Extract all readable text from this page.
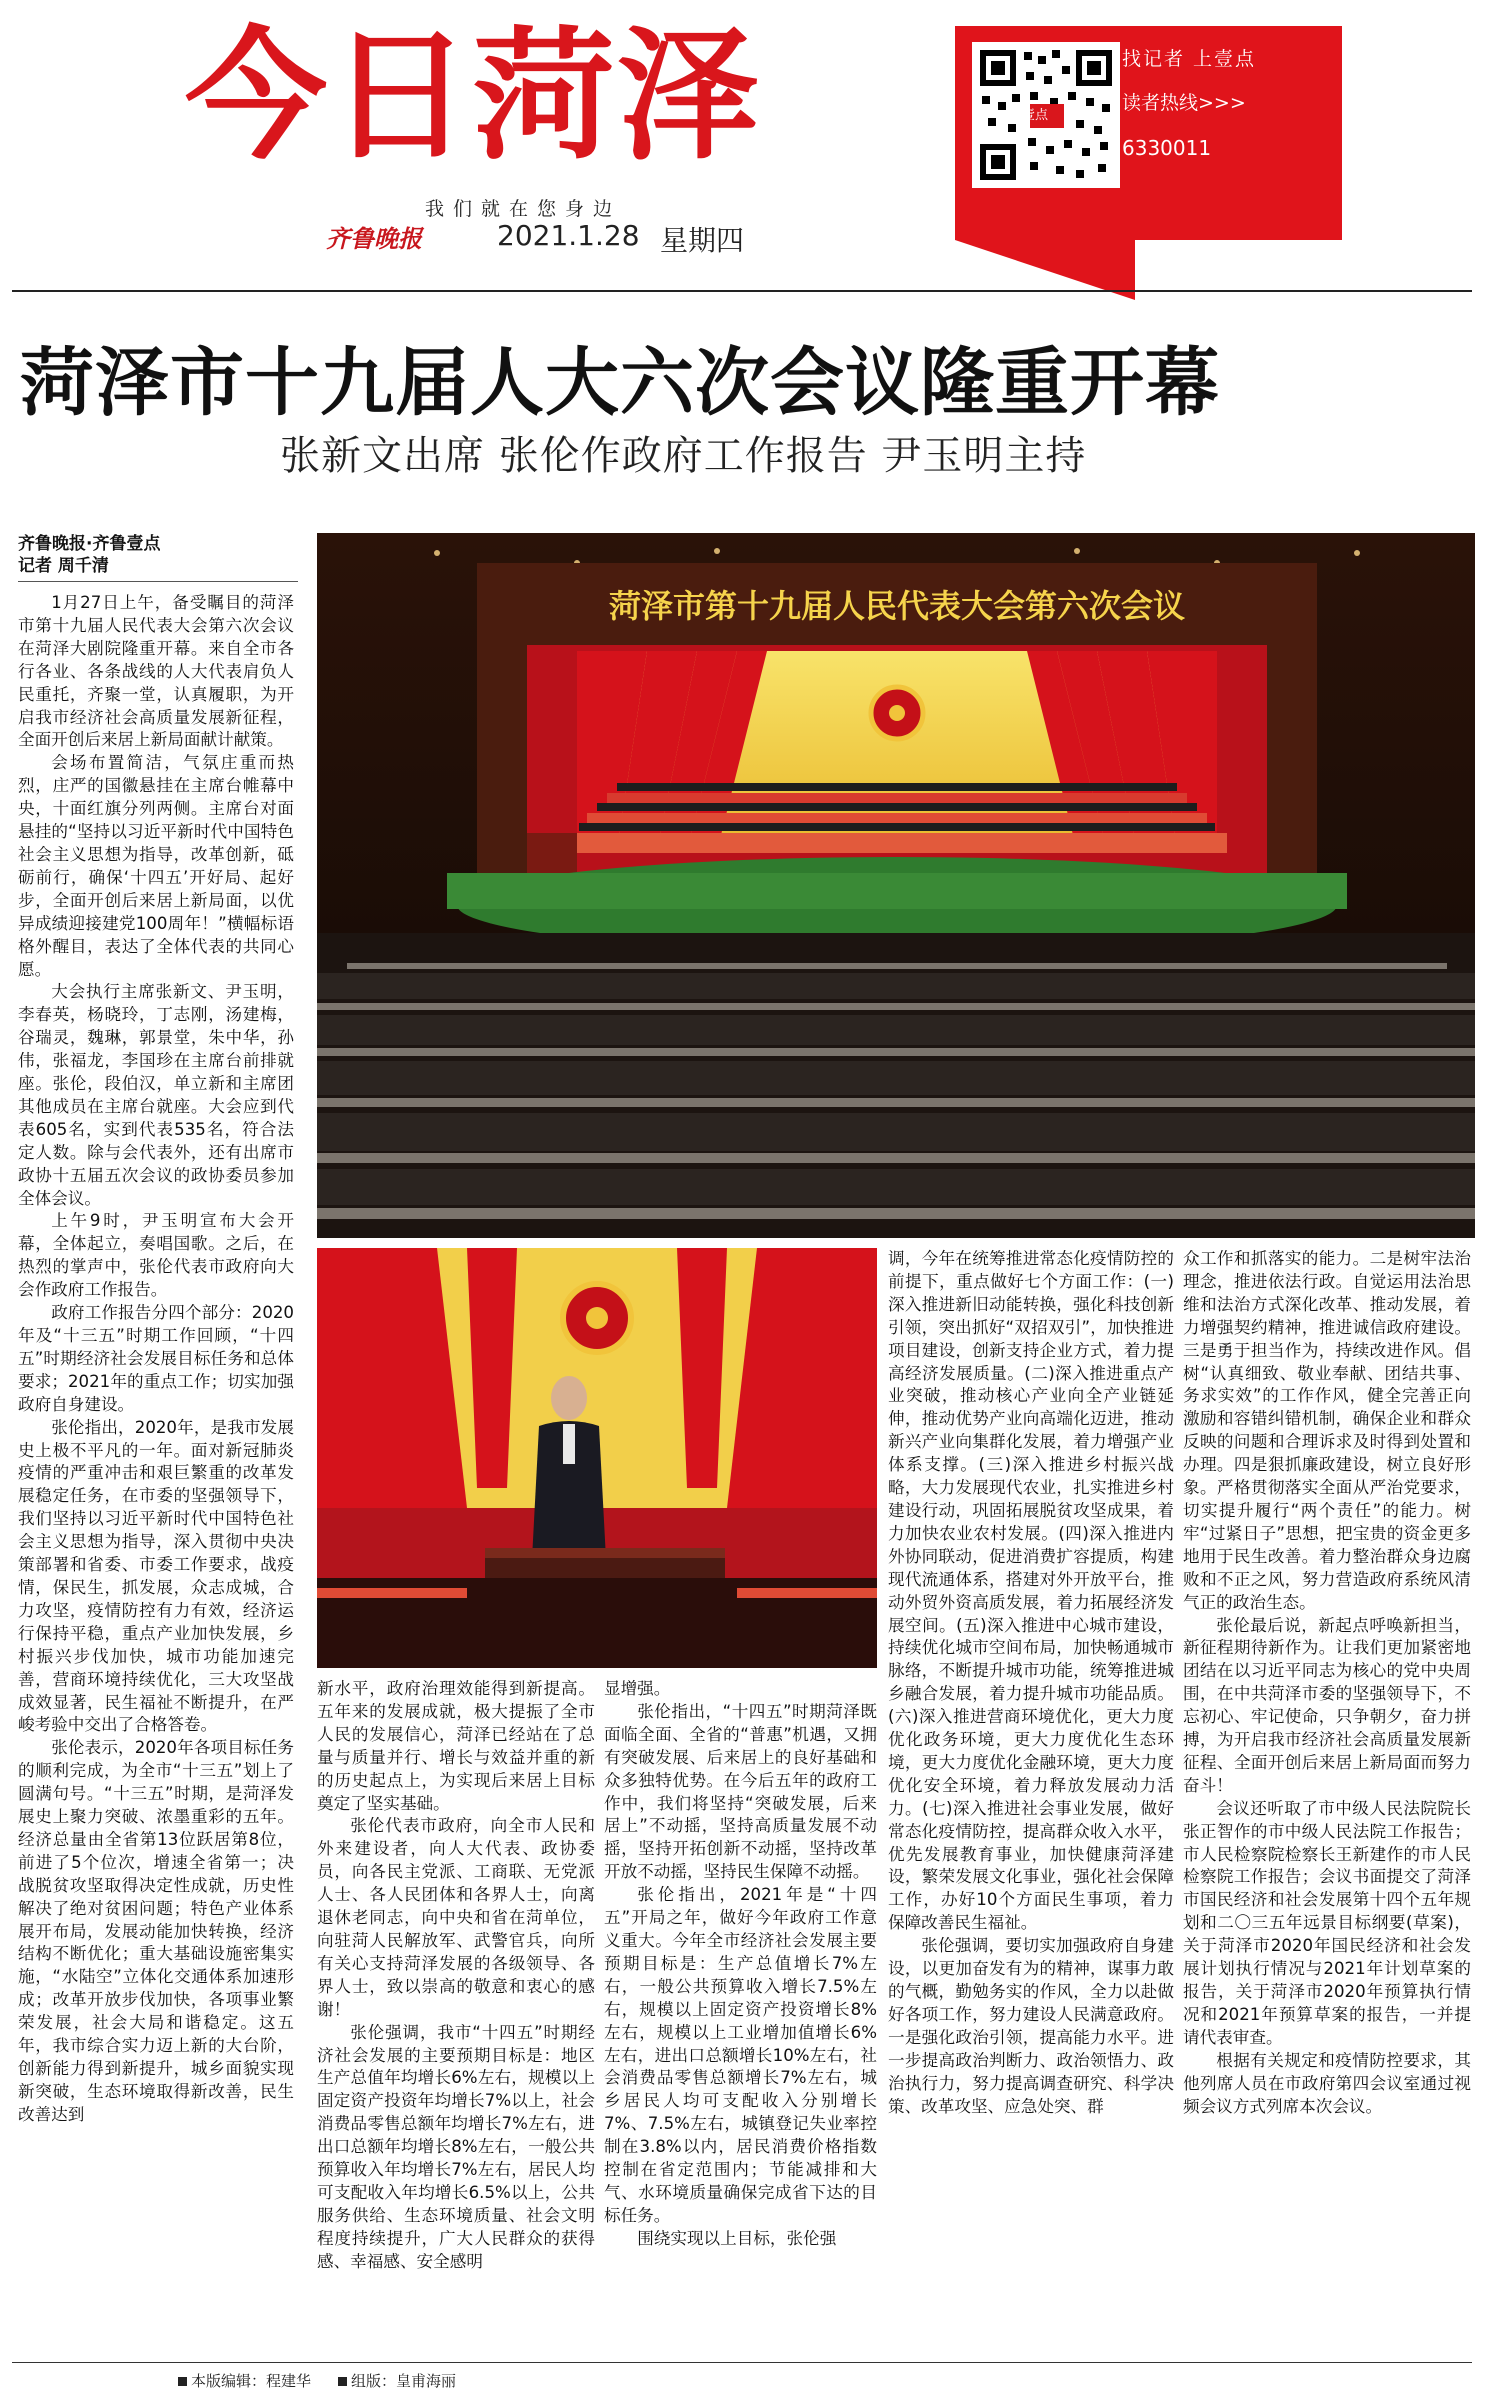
今日菏泽
我们就在您身边
齐鲁晚报	2021.1.28 星期四
壹点
找记者 上壹点
读者热线>>>
6330011
菏泽市十九届人大六次会议隆重开幕
张新文出席 张伦作政府工作报告 尹玉明主持
齐鲁晚报·齐鲁壹点
记者 周千清
菏泽市第十九届人民代表大会第六次会议

1月27日上午，备受瞩目的菏泽市第十九届人民代表大会第六次会议在菏泽大剧院隆重开幕。来自全市各行各业、各条战线的人大代表肩负人民重托，齐聚一堂，认真履职，为开启我市经济社会高质量发展新征程，全面开创后来居上新局面献计献策。

会场布置简洁，气氛庄重而热烈，庄严的国徽悬挂在主席台帷幕中央，十面红旗分列两侧。主席台对面悬挂的“坚持以习近平新时代中国特色社会主义思想为指导，改革创新，砥砺前行，确保‘十四五’开好局、起好步，全面开创后来居上新局面，以优异成绩迎接建党100周年！”横幅标语格外醒目，表达了全体代表的共同心愿。

大会执行主席张新文、尹玉明，李春英，杨晓玲，丁志刚，汤建梅，谷瑞灵，魏琳，郭景堂，朱中华，孙伟，张福龙，李国珍在主席台前排就座。张伦，段伯汉，单立新和主席团其他成员在主席台就座。大会应到代表605名，实到代表535名，符合法定人数。除与会代表外，还有出席市政协十五届五次会议的政协委员参加全体会议。

上午9时，尹玉明宣布大会开幕，全体起立，奏唱国歌。之后，在热烈的掌声中，张伦代表市政府向大会作政府工作报告。

政府工作报告分四个部分：2020年及“十三五”时期工作回顾，“十四五”时期经济社会发展目标任务和总体要求；2021年的重点工作；切实加强政府自身建设。

张伦指出，2020年，是我市发展史上极不平凡的一年。面对新冠肺炎疫情的严重冲击和艰巨繁重的改革发展稳定任务，在市委的坚强领导下，我们坚持以习近平新时代中国特色社会主义思想为指导，深入贯彻中央决策部署和省委、市委工作要求，战疫情，保民生，抓发展，众志成城，合力攻坚，疫情防控有力有效，经济运行保持平稳，重点产业加快发展，乡村振兴步伐加快，城市功能加速完善，营商环境持续优化，三大攻坚战成效显著，民生福祉不断提升，在严峻考验中交出了合格答卷。

张伦表示，2020年各项目标任务的顺利完成，为全市“十三五”划上了圆满句号。“十三五”时期，是菏泽发展史上聚力突破、浓墨重彩的五年。经济总量由全省第13位跃居第8位，前进了5个位次，增速全省第一；决战脱贫攻坚取得决定性成就，历史性解决了绝对贫困问题；特色产业体系展开布局，发展动能加快转换，经济结构不断优化；重大基础设施密集实施，“水陆空”立体化交通体系加速形成；改革开放步伐加快，各项事业繁荣发展，社会大局和谐稳定。这五年，我市综合实力迈上新的大台阶，创新能力得到新提升，城乡面貌实现新突破，生态环境取得新改善，民生改善达到

新水平，政府治理效能得到新提高。五年来的发展成就，极大提振了全市人民的发展信心，菏泽已经站在了总量与质量并行、增长与效益并重的新的历史起点上，为实现后来居上目标奠定了坚实基础。

张伦代表市政府，向全市人民和外来建设者，向人大代表、政协委员，向各民主党派、工商联、无党派人士、各人民团体和各界人士，向离退休老同志，向中央和省在菏单位，向驻菏人民解放军、武警官兵，向所有关心支持菏泽发展的各级领导、各界人士，致以崇高的敬意和衷心的感谢！

张伦强调，我市“十四五”时期经济社会发展的主要预期目标是：地区生产总值年均增长6%左右，规模以上固定资产投资年均增长7%以上，社会消费品零售总额年均增长7%左右，进出口总额年均增长8%左右，一般公共预算收入年均增长7%左右，居民人均可支配收入年均增长6.5%以上，公共服务供给、生态环境质量、社会文明程度持续提升，广大人民群众的获得感、幸福感、安全感明

显增强。

张伦指出，“十四五”时期菏泽既面临全面、全省的“普惠”机遇，又拥有突破发展、后来居上的良好基础和众多独特优势。在今后五年的政府工作中，我们将坚持“突破发展，后来居上”不动摇，坚持高质量发展不动摇，坚持开拓创新不动摇，坚持改革开放不动摇，坚持民生保障不动摇。

张伦指出，2021年是“十四五”开局之年，做好今年政府工作意义重大。今年全市经济社会发展主要预期目标是：生产总值增长7%左右，一般公共预算收入增长7.5%左右，规模以上固定资产投资增长8%左右，规模以上工业增加值增长6%左右，进出口总额增长10%左右，社会消费品零售总额增长7%左右，城乡居民人均可支配收入分别增长7%、7.5%左右，城镇登记失业率控制在3.8%以内，居民消费价格指数控制在省定范围内；节能减排和大气、水环境质量确保完成省下达的目标任务。

围绕实现以上目标，张伦强

调，今年在统筹推进常态化疫情防控的前提下，重点做好七个方面工作：(一)深入推进新旧动能转换，强化科技创新引领，突出抓好“双招双引”，加快推进项目建设，创新支持企业方式，着力提高经济发展质量。(二)深入推进重点产业突破，推动核心产业向全产业链延伸，推动优势产业向高端化迈进，推动新兴产业向集群化发展，着力增强产业体系支撑。(三)深入推进乡村振兴战略，大力发展现代农业，扎实推进乡村建设行动，巩固拓展脱贫攻坚成果，着力加快农业农村发展。(四)深入推进内外协同联动，促进消费扩容提质，构建现代流通体系，搭建对外开放平台，推动外贸外资高质发展，着力拓展经济发展空间。(五)深入推进中心城市建设，持续优化城市空间布局，加快畅通城市脉络，不断提升城市功能，统筹推进城乡融合发展，着力提升城市功能品质。(六)深入推进营商环境优化，更大力度优化政务环境，更大力度优化生态环境，更大力度优化金融环境，更大力度优化安全环境，着力释放发展动力活力。(七)深入推进社会事业发展，做好常态化疫情防控，提高群众收入水平，优先发展教育事业，加快健康菏泽建设，繁荣发展文化事业，强化社会保障工作，办好10个方面民生事项，着力保障改善民生福祉。

张伦强调，要切实加强政府自身建设，以更加奋发有为的精神，谋事力敢的气概，勤勉务实的作风，全力以赴做好各项工作，努力建设人民满意政府。一是强化政治引领，提高能力水平。进一步提高政治判断力、政治领悟力、政治执行力，努力提高调查研究、科学决策、改革攻坚、应急处突、群

众工作和抓落实的能力。二是树牢法治理念，推进依法行政。自觉运用法治思维和法治方式深化改革、推动发展，着力增强契约精神，推进诚信政府建设。三是勇于担当作为，持续改进作风。倡树“认真细致、敬业奉献、团结共事、务求实效”的工作作风，健全完善正向激励和容错纠错机制，确保企业和群众反映的问题和合理诉求及时得到处置和办理。四是狠抓廉政建设，树立良好形象。严格贯彻落实全面从严治党要求，切实提升履行“两个责任”的能力。树牢“过紧日子”思想，把宝贵的资金更多地用于民生改善。着力整治群众身边腐败和不正之风，努力营造政府系统风清气正的政治生态。

张伦最后说，新起点呼唤新担当，新征程期待新作为。让我们更加紧密地团结在以习近平同志为核心的党中央周围，在中共菏泽市委的坚强领导下，不忘初心、牢记使命，只争朝夕，奋力拼搏，为开启我市经济社会高质量发展新征程、全面开创后来居上新局面而努力奋斗！

会议还听取了市中级人民法院院长张正智作的市中级人民法院工作报告；市人民检察院检察长王新建作的市人民检察院工作报告；会议书面提交了菏泽市国民经济和社会发展第十四个五年规划和二〇三五年远景目标纲要(草案)，关于菏泽市2020年国民经济和社会发展计划执行情况与2021年计划草案的报告，关于菏泽市2020年预算执行情况和2021年预算草案的报告，一并提请代表审查。

根据有关规定和疫情防控要求，其他列席人员在市政府第四会议室通过视频会议方式列席本次会议。

本版编辑：程建华	组版：皇甫海丽
